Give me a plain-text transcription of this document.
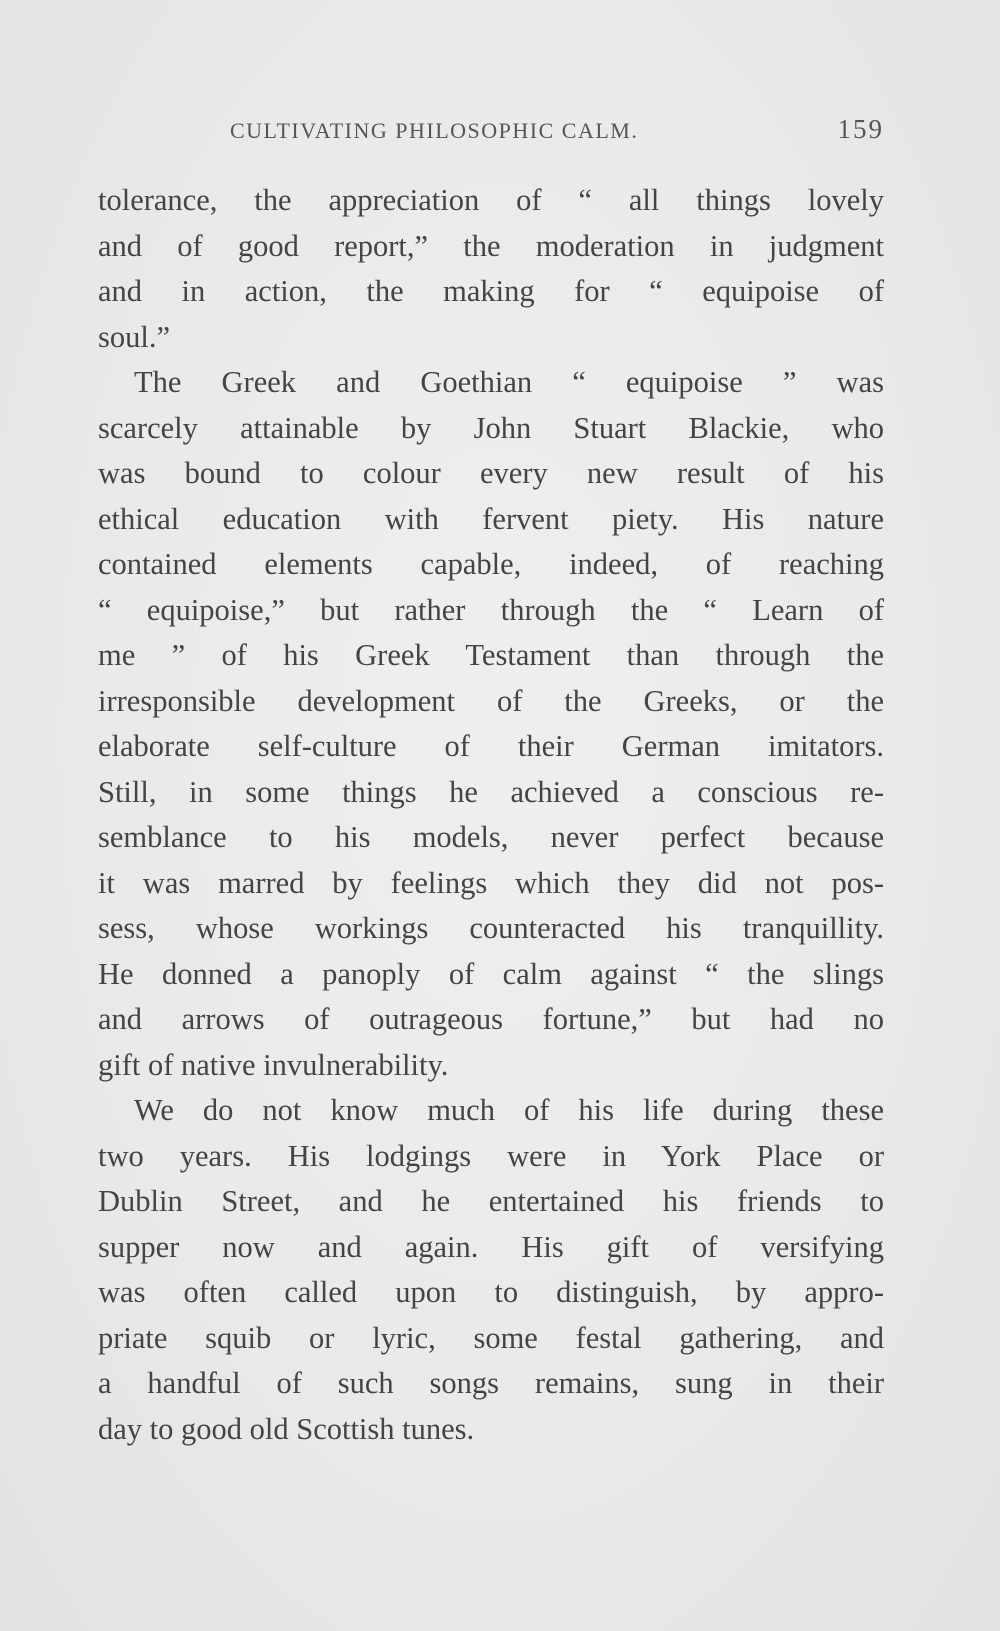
CULTIVATING PHILOSOPHIC CALM.	159
tolerance, the appreciation of “ all things lovely
and of good report,” the moderation in judgment
and in action, the making for “ equipoise of
soul.”
The Greek and Goethian “ equipoise ” was
scarcely attainable by John Stuart Blackie, who
was bound to colour every new result of his
ethical education with fervent piety. His nature
contained elements capable, indeed, of reaching
“ equipoise,” but rather through the “ Learn of
me ” of his Greek Testament than through the
irresponsible development of the Greeks, or the
elaborate self-culture of their German imitators.
Still, in some things he achieved a conscious re-
semblance to his models, never perfect because
it was marred by feelings which they did not pos-
sess, whose workings counteracted his tranquillity.
He donned a panoply of calm against “ the slings
and arrows of outrageous fortune,” but had no
gift of native invulnerability.
We do not know much of his life during these
two years. His lodgings were in York Place or
Dublin Street, and he entertained his friends to
supper now and again. His gift of versifying
was often called upon to distinguish, by appro-
priate squib or lyric, some festal gathering, and
a handful of such songs remains, sung in their
day to good old Scottish tunes.
